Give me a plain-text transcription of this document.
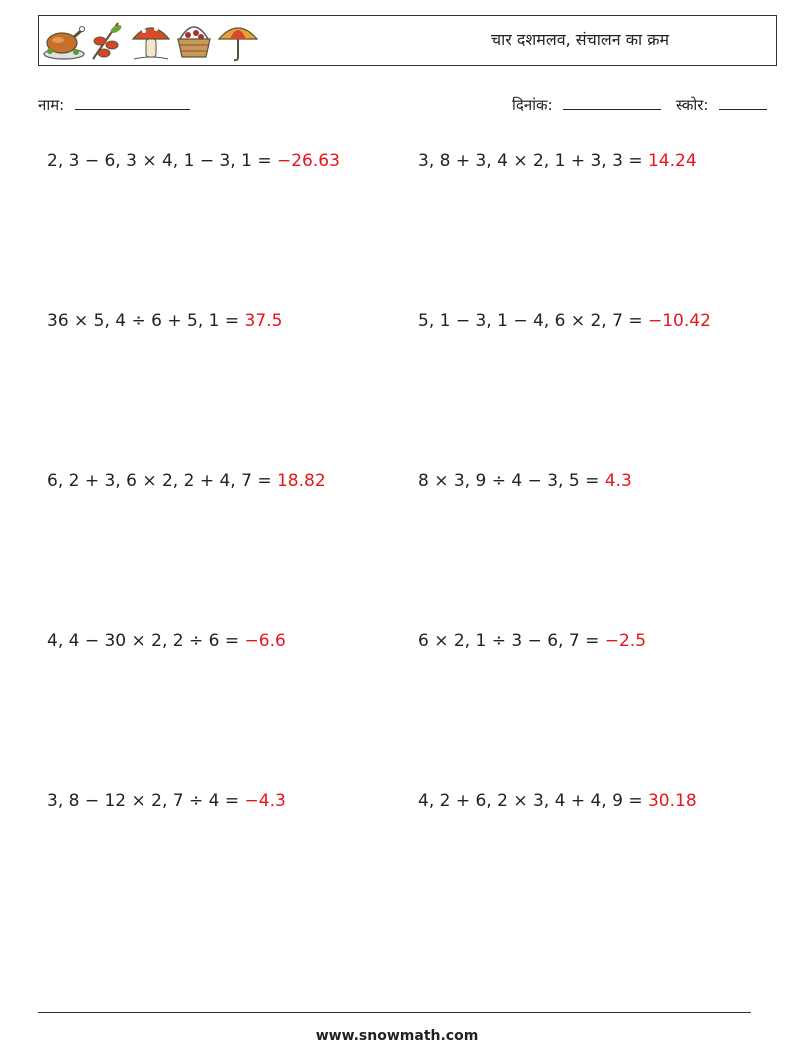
चार दशमलव, संचालन का क्रम
नाम:	दिनांक:	स्कोर:
2, 3 − 6, 3 × 4, 1 − 3, 1 = −26.63	3, 8 + 3, 4 × 2, 1 + 3, 3 = 14.24
36 × 5, 4 ÷ 6 + 5, 1 = 37.5	5, 1 − 3, 1 − 4, 6 × 2, 7 = −10.42
6, 2 + 3, 6 × 2, 2 + 4, 7 = 18.82	8 × 3, 9 ÷ 4 − 3, 5 = 4.3
4, 4 − 30 × 2, 2 ÷ 6 = −6.6	6 × 2, 1 ÷ 3 − 6, 7 = −2.5
3, 8 − 12 × 2, 7 ÷ 4 = −4.3	4, 2 + 6, 2 × 3, 4 + 4, 9 = 30.18
www.snowmath.com
